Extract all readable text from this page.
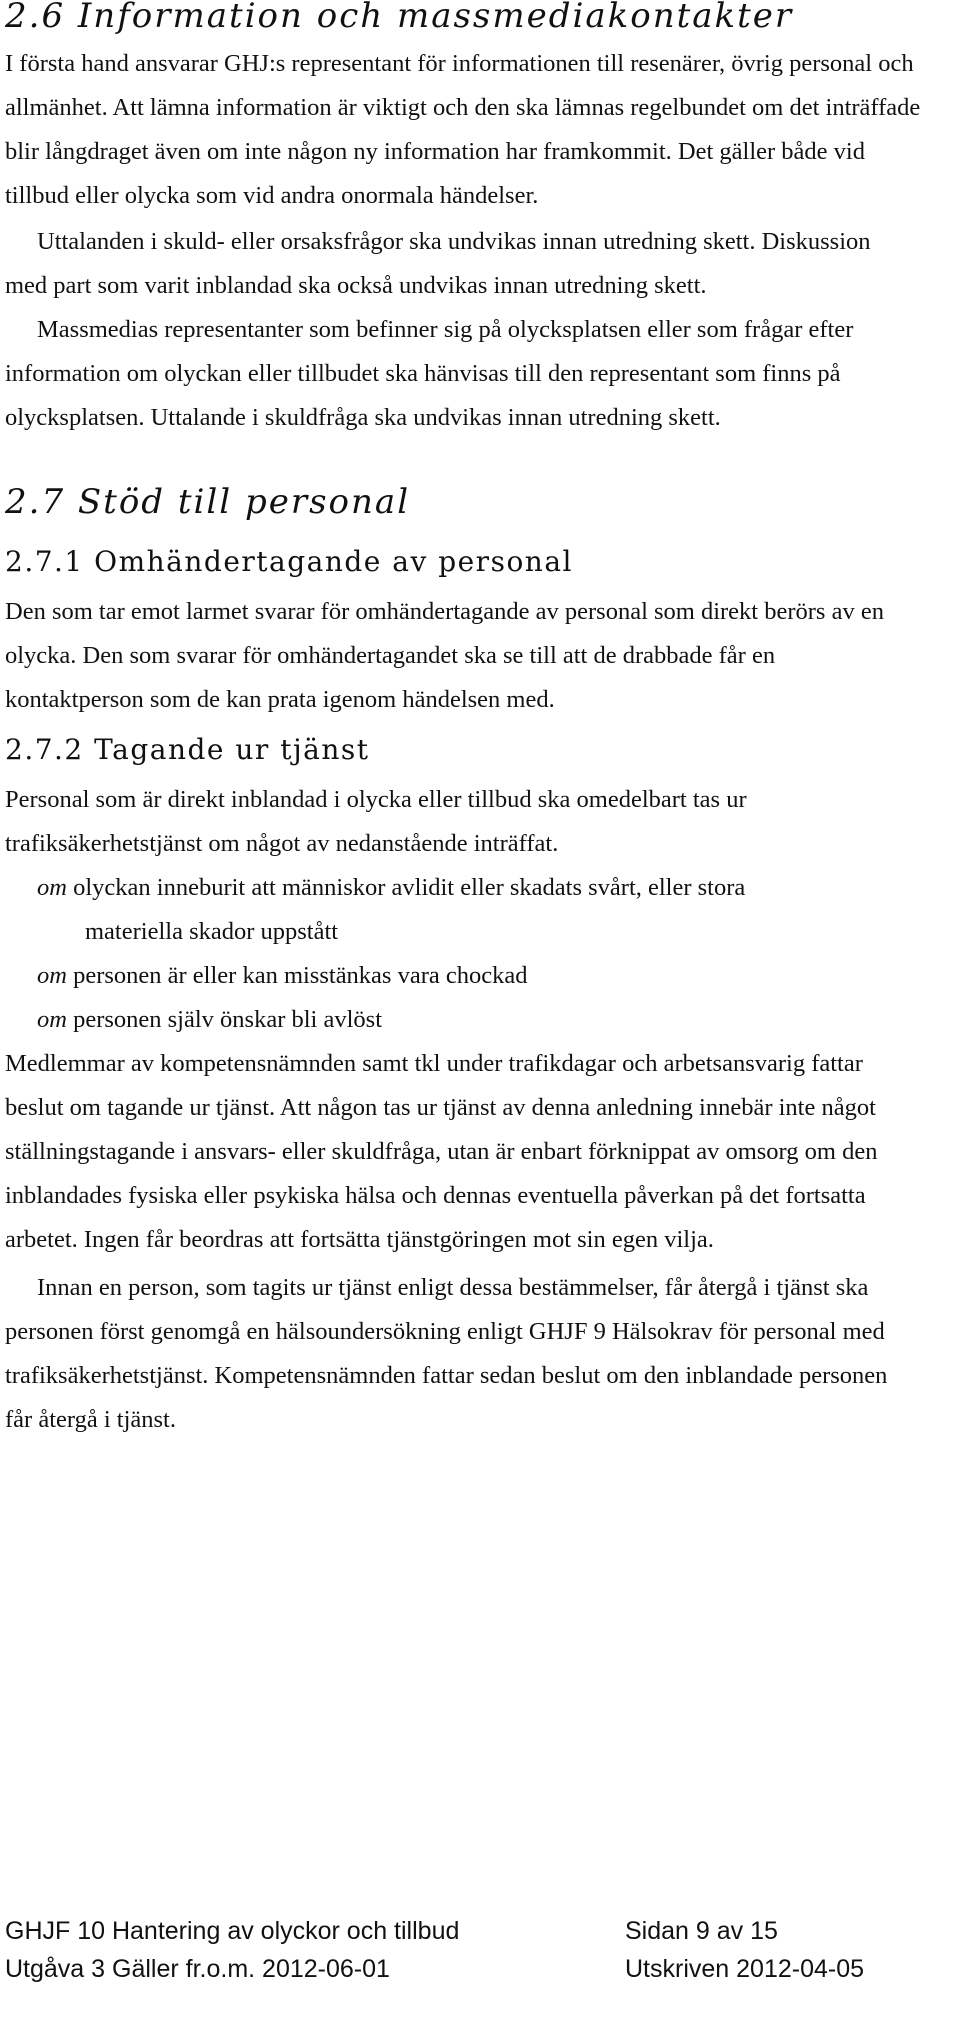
2.6 Information och massmediakontakter

I första hand ansvarar GHJ:s representant för informationen till resenärer, övrig personal och allmänhet. Att lämna information är viktigt och den ska lämnas regelbundet om det inträffade blir långdraget även om inte någon ny information har framkommit. Det gäller både vid tillbud eller olycka som vid andra onormala händelser.

Uttalanden i skuld- eller orsaksfrågor ska undvikas innan utredning skett. Diskussion med part som varit inblandad ska också undvikas innan utredning skett.

Massmedias representanter som befinner sig på olycksplatsen eller som frågar efter information om olyckan eller tillbudet ska hänvisas till den representant som finns på olycksplatsen. Uttalande i skuldfråga ska undvikas innan utredning skett.

2.7 Stöd till personal
2.7.1 Omhändertagande av personal

Den som tar emot larmet svarar för omhändertagande av personal som direkt berörs av en olycka. Den som svarar för omhändertagandet ska se till att de drabbade får en kontaktperson som de kan prata igenom händelsen med.

2.7.2 Tagande ur tjänst

Personal som är direkt inblandad i olycka eller tillbud ska omedelbart tas ur trafiksäkerhetstjänst om något av nedanstående inträffat.

om olyckan inneburit att människor avlidit eller skadats svårt, eller stora
materiella skador uppstått

om personen är eller kan misstänkas vara chockad

om personen själv önskar bli avlöst

Medlemmar av kompetensnämnden samt tkl under trafikdagar och arbetsansvarig fattar beslut om tagande ur tjänst. Att någon tas ur tjänst av denna anledning innebär inte något ställningstagande i ansvars- eller skuldfråga, utan är enbart förknippat av omsorg om den inblandades fysiska eller psykiska hälsa och dennas eventuella påverkan på det fortsatta arbetet. Ingen får beordras att fortsätta tjänstgöringen mot sin egen vilja.

Innan en person, som tagits ur tjänst enligt dessa bestämmelser, får återgå i tjänst ska personen först genomgå en hälsoundersökning enligt GHJF 9 Hälsokrav för personal med trafiksäkerhetstjänst. Kompetensnämnden fattar sedan beslut om den inblandade personen får återgå i tjänst.

GHJF 10 Hantering av olyckor och tillbud	Sidan 9 av 15
Utgåva 3 Gäller fr.o.m. 2012-06-01	Utskriven 2012-04-05
